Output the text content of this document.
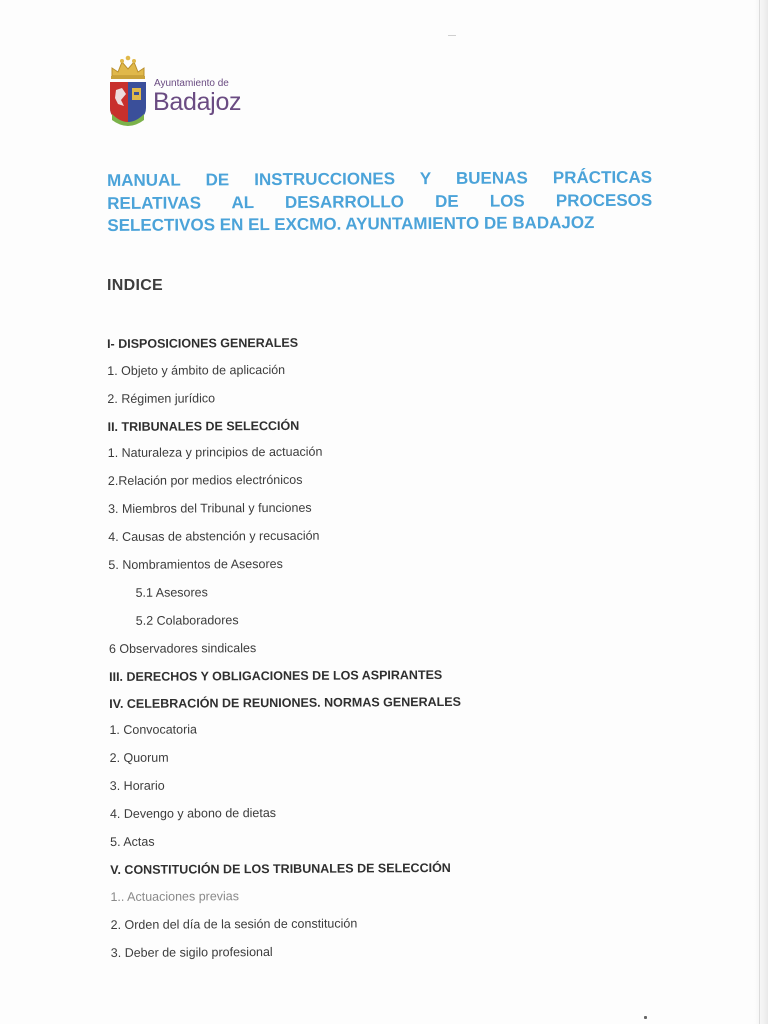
Ayuntamiento de
Badajoz
MANUAL DE INSTRUCCIONES Y BUENAS PRÁCTICAS
RELATIVAS AL DESARROLLO DE LOS PROCESOS
SELECTIVOS EN EL EXCMO. AYUNTAMIENTO DE BADAJOZ
INDICE
I- DISPOSICIONES GENERALES
1. Objeto y ámbito de aplicación
2. Régimen jurídico
II. TRIBUNALES DE SELECCIÓN
1. Naturaleza y principios de actuación
2.Relación por medios electrónicos
3. Miembros del Tribunal y funciones
4. Causas de abstención y recusación
5. Nombramientos de Asesores
5.1 Asesores
5.2 Colaboradores
6 Observadores sindicales
III. DERECHOS Y OBLIGACIONES DE LOS ASPIRANTES
IV. CELEBRACIÓN DE REUNIONES. NORMAS GENERALES
1. Convocatoria
2. Quorum
3. Horario
4. Devengo y abono de dietas
5. Actas
V. CONSTITUCIÓN DE LOS TRIBUNALES DE SELECCIÓN
1.. Actuaciones previas
2. Orden del día de la sesión de constitución
3. Deber de sigilo profesional
